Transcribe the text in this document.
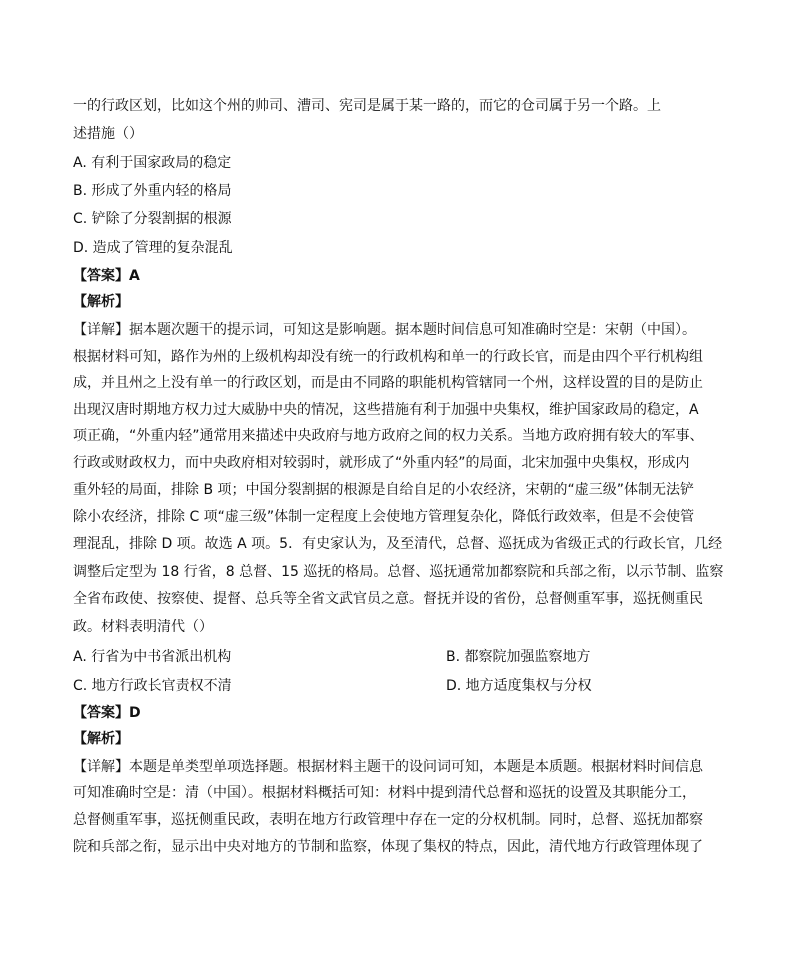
一的行政区划，比如这个州的帅司、漕司、宪司是属于某一路的，而它的仓司属于另一个路。上
述措施（）
A. 有利于国家政局的稳定
B. 形成了外重内轻的格局
C. 铲除了分裂割据的根源
D. 造成了管理的复杂混乱
【答案】A
【解析】
【详解】据本题次题干的提示词，可知这是影响题。据本题时间信息可知准确时空是：宋朝（中国）。
根据材料可知，路作为州的上级机构却没有统一的行政机构和单一的行政长官，而是由四个平行机构组
成，并且州之上没有单一的行政区划，而是由不同路的职能机构管辖同一个州，这样设置的目的是防止
出现汉唐时期地方权力过大威胁中央的情况，这些措施有利于加强中央集权，维护国家政局的稳定，A
项正确，“外重内轻”通常用来描述中央政府与地方政府之间的权力关系。当地方政府拥有较大的军事、
行政或财政权力，而中央政府相对较弱时，就形成了“外重内轻”的局面，北宋加强中央集权，形成内
重外轻的局面，排除 B 项；中国分裂割据的根源是自给自足的小农经济，宋朝的“虚三级”体制无法铲
除小农经济，排除 C 项“虚三级”体制一定程度上会使地方管理复杂化，降低行政效率，但是不会使管
理混乱，排除 D 项。故选 A 项。5．有史家认为，及至清代，总督、巡抚成为省级正式的行政长官，几经
调整后定型为 18 行省，8 总督、15 巡抚的格局。总督、巡抚通常加都察院和兵部之衔，以示节制、监察
全省布政使、按察使、提督、总兵等全省文武官员之意。督抚并设的省份，总督侧重军事，巡抚侧重民
政。材料表明清代（）
A. 行省为中书省派出机构	B. 都察院加强监察地方
C. 地方行政长官责权不清	D. 地方适度集权与分权
【答案】D
【解析】
【详解】本题是单类型单项选择题。根据材料主题干的设问词可知，本题是本质题。根据材料时间信息
可知准确时空是：清（中国）。根据材料概括可知：材料中提到清代总督和巡抚的设置及其职能分工，
总督侧重军事，巡抚侧重民政，表明在地方行政管理中存在一定的分权机制。同时，总督、巡抚加都察
院和兵部之衔，显示出中央对地方的节制和监察，体现了集权的特点，因此，清代地方行政管理体现了
